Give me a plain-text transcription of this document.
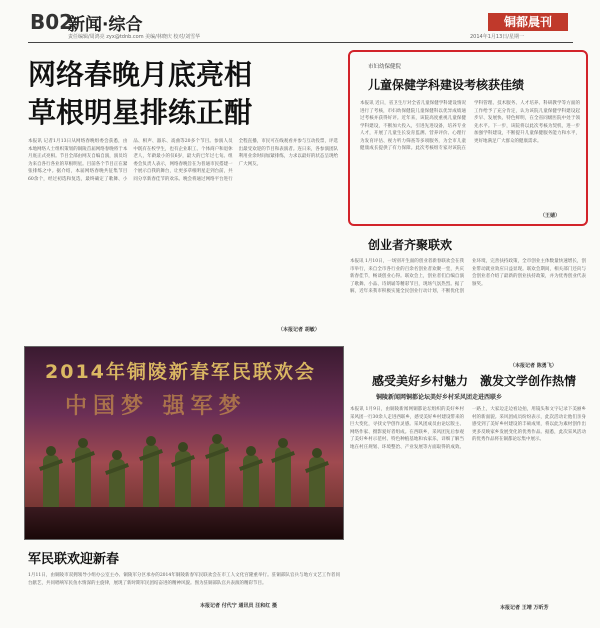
B02
新闻·综合
责任编辑/周鸿亮 zyx@tdnb.com 美编/林晓庆 校对/刘雪华
铜都晨刊
2014年1月13日/星期一
网络春晚月底亮相
草根明星排练正酣
本报讯 记者1月13日从网络春晚组委会获悉，由本地网络人士组织策划的铜陵首届网络春晚将于本月底正式亮相。节目全部由网友自编自演，演员均为来自各行各业的草根明星。目前各个节目正在紧张排练之中。据介绍，本届网络春晚共征集节目60余个，经过初选和复选，最终确定了歌舞、小品、相声、器乐、戏曲等20多个节目。参演人员中既有在校学生，也有企业职工、个体商户和退休老人，年龄最小的仅6岁，最大的已年过七旬。组委会负责人表示，网络春晚旨在为普通市民搭建一个展示自我的舞台，让更多草根明星走到台前，共同分享新春佳节的欢乐。晚会将通过网络平台进行全程直播，市民可在线观看并参与互动投票，评选出最受欢迎的节目和表演者。连日来，各参演团队利用业余时间加紧排练，力求以最好的状态呈现给广大网友。
（本报记者 胡敏）
市妇幼保健院
儿童保健学科建设考核获佳绩
本报讯 近日，省卫生厅对全省儿童保健学科建设情况进行了考核，市妇幼保健院儿童保健科以优异成绩通过考核并获得好评。近年来，该院高度重视儿童保健学科建设，不断加大投入，引进先进设备，培养专业人才，开展了儿童生长发育监测、营养评价、心理行为发育评估、视力听力筛查等多项服务，为全市儿童健康成长提供了有力保障。此次考核组专家对该院在学科管理、技术服务、人才培养、科研教学等方面的工作给予了充分肯定，认为该院儿童保健学科建设起步早、发展快、特色鲜明，在全省同级医院中处于领先水平。下一步，该院将以此次考核为契机，进一步加强学科建设，不断提升儿童保健服务能力和水平，更好地满足广大群众的健康需求。
（王婧）
创业者齐聚联欢
本报讯 1月10日，一场别开生面的创业者新春联欢会在我市举行，来自全市各行业的百余名创业者欢聚一堂，共庆新春佳节，畅谈创业心得。联欢会上，创业者们自编自演了歌舞、小品、诗朗诵等精彩节目，现场气氛热烈。据了解，近年来我市积极实施全民创业行动计划，不断优化创业环境，完善扶持政策，全市创业主体数量快速增长，创业带动就业效应日益显现。联欢会期间，相关部门还向与会创业者介绍了最新的创业扶持政策，并为优秀创业代表颁奖。
（本报记者 陈勇飞）
感受美好乡村魅力 激发文学创作热情
铜陵新闻网铜都论坛美好乡村采风团走进西联乡
本报讯 1月9日，由铜陵新闻网铜都论坛组织的美好乡村采风团一行30余人走进西联乡，感受美好乡村建设带来的巨大变化，寻找文学创作灵感。采风团成员由论坛版主、网络作家、摄影爱好者组成。在西联乡，采风团先后参观了美好乡村示范村、特色种植基地和农家乐，详细了解当地在村庄规划、环境整治、产业发展等方面取得的成效。一路上，大家边走边看边拍，用镜头和文字记录下美丽乡村的新面貌。采风团成员纷纷表示，此次活动让他们亲身感受到了美好乡村建设的丰硕成果，将以此为素材创作出更多反映家乡发展变化的优秀作品。据悉，此次采风活动的优秀作品将在铜都论坛集中展示。
本报记者 王靖 万昕芳
2014年铜陵新春军民联欢会
中国梦 强军梦
军民联欢迎新春
1月11日，由铜陵市双拥领导小组办公室主办、铜陵军分区承办的2014年铜陵新春军民联欢会在市工人文化宫隆重举行。驻铜部队官兵与地方文艺工作者同台献艺，共同唱响军民鱼水情深的主旋律，展现了新时期军民团结奋进的精神风貌。图为驻铜部队官兵表演的精彩节目。
本报记者 付代宁 通讯员 汪和红 摄
